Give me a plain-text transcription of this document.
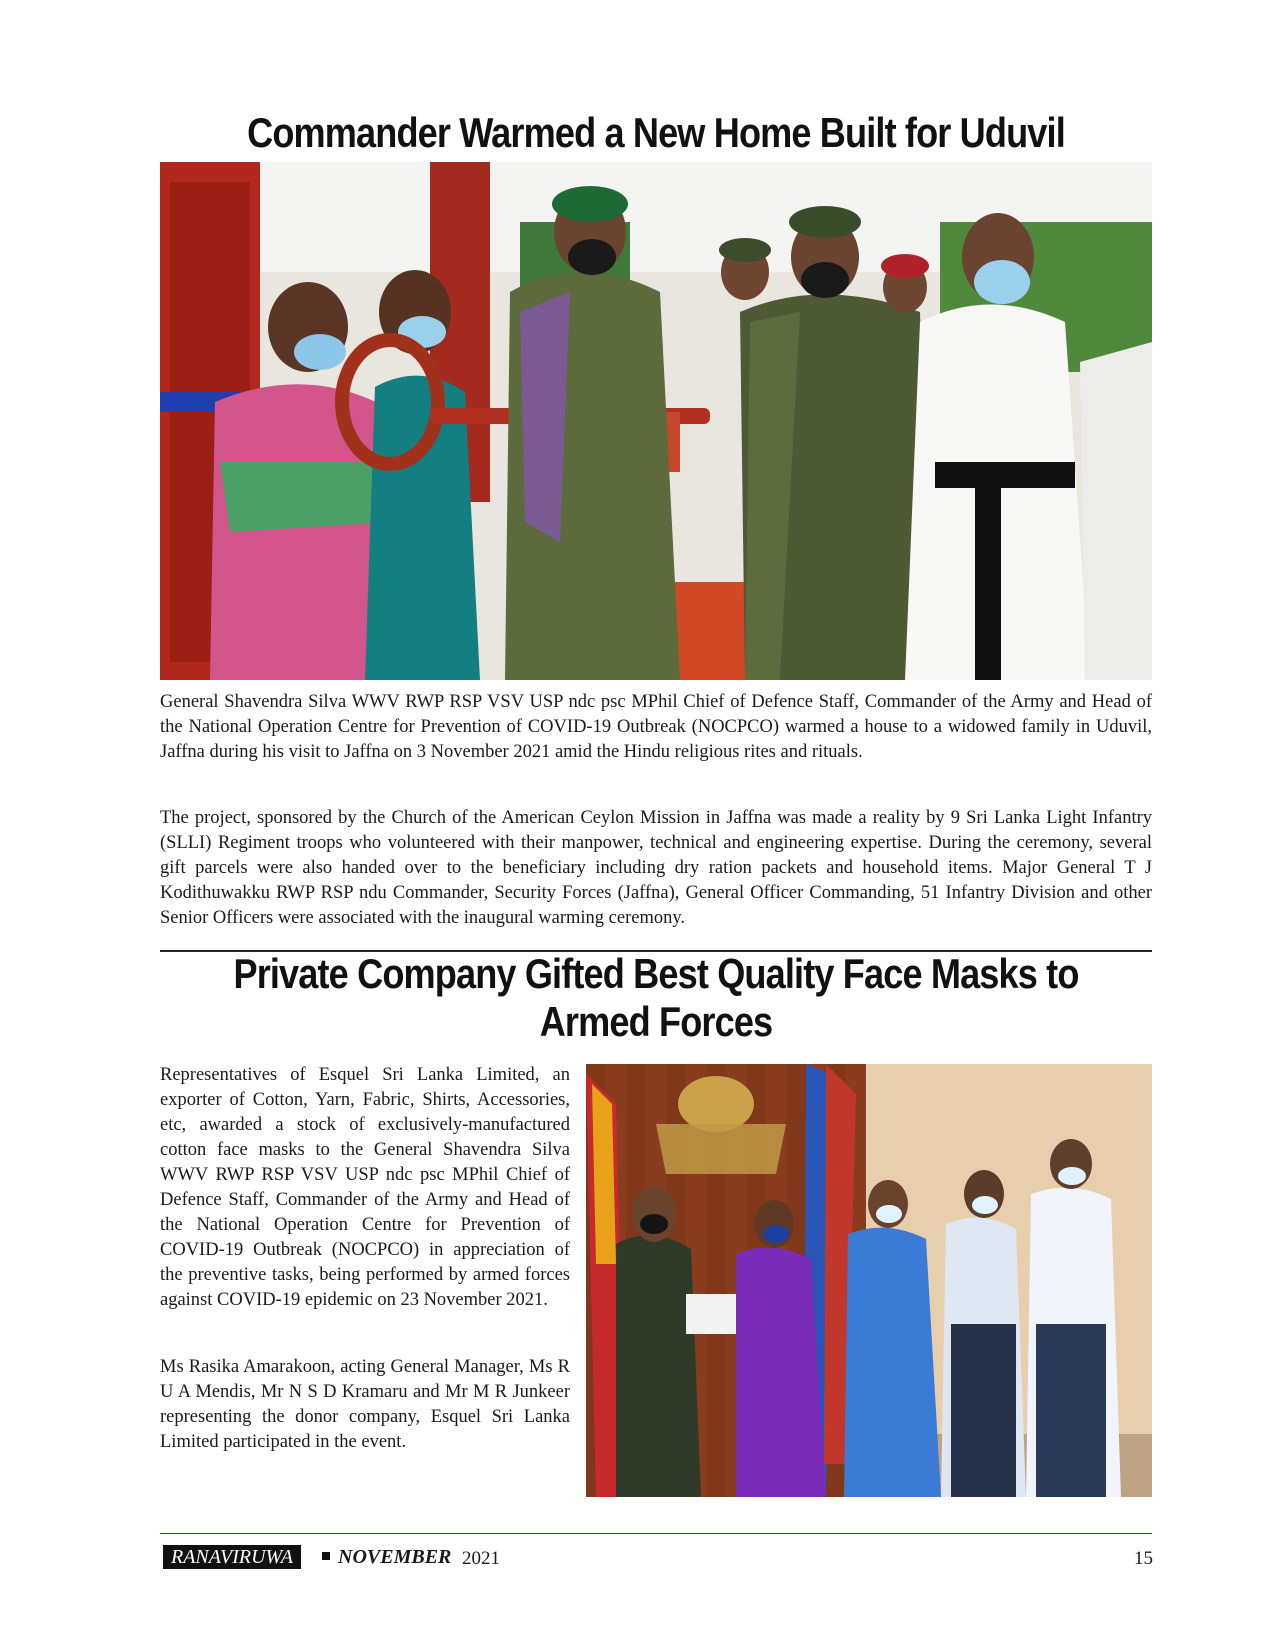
Commander Warmed a New Home Built for Uduvil

General Shavendra Silva WWV RWP RSP VSV USP ndc psc MPhil Chief of Defence Staff, Commander of the Army and Head of the National Operation Centre for Prevention of COVID-19 Outbreak (NOCPCO) warmed a house to a widowed family in Uduvil, Jaffna during his visit to Jaffna on 3 November 2021 amid the Hindu religious rites and rituals.

The project, sponsored by the Church of the American Ceylon Mission in Jaffna was made a reality by 9 Sri Lanka Light Infantry (SLLI) Regiment troops who volunteered with their manpower, technical and engineering expertise. During the ceremony, several gift parcels were also handed over to the beneficiary including dry ration packets and household items. Major General T J Kodithuwakku RWP RSP ndu Commander, Security Forces (Jaffna), General Officer Commanding, 51 Infantry Division and other Senior Officers were associated with the inaugural warming ceremony.

Private Company Gifted Best Quality Face Masks to Armed Forces

Representatives of Esquel Sri Lanka Limited, an exporter of Cotton, Yarn, Fabric, Shirts, Accessories, etc, awarded a stock of exclusively-manufactured cotton face masks to the General Shavendra Silva WWV RWP RSP VSV USP ndc psc MPhil Chief of Defence Staff, Commander of the Army and Head of the National Operation Centre for Prevention of COVID-19 Outbreak (NOCPCO) in appreciation of the preventive tasks, being performed by armed forces against COVID-19 epidemic on 23 November 2021.

Ms Rasika Amarakoon, acting General Manager, Ms R U A Mendis, Mr N S D Kramaru and Mr M R Junkeer representing the donor company, Esquel Sri Lanka Limited participated in the event.

RANAVIRUWA	NOVEMBER 2021	15
